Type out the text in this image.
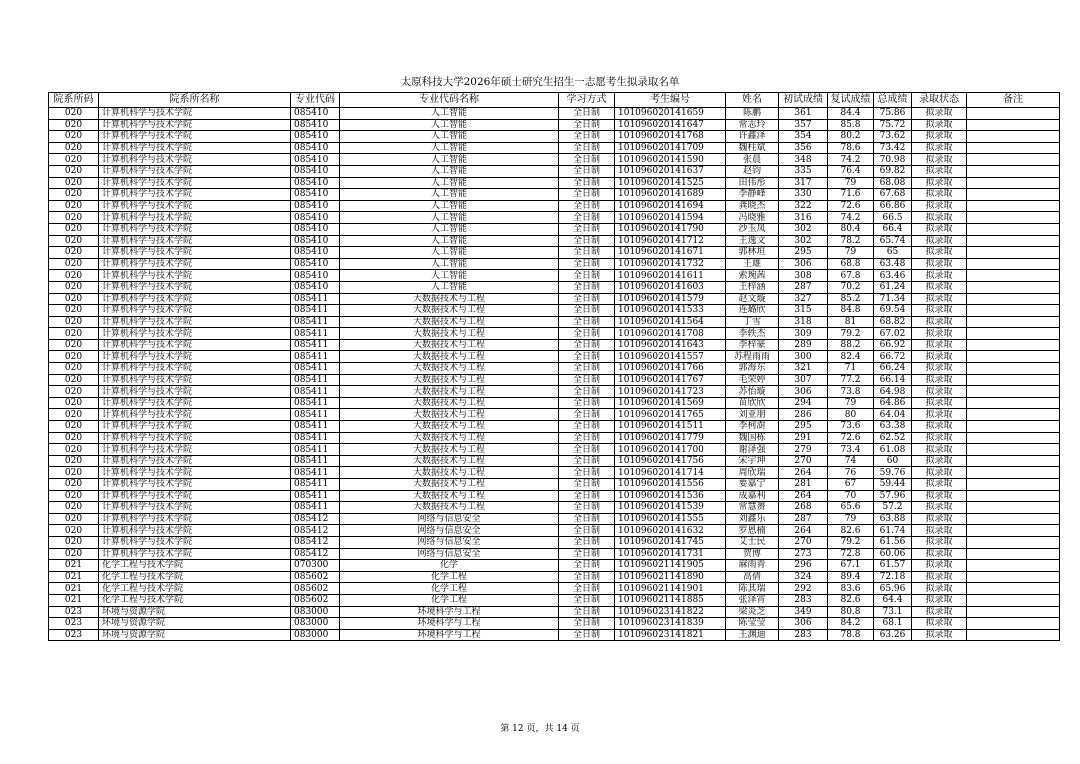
太原科技大学2026年硕士研究生招生一志愿考生拟录取名单
院系所码	院系所名称	专业代码	专业代码名称	学习方式	考生编号	姓名	初试成绩	复试成绩	总成绩	录取状态	备注
020	计算机科学与技术学院	085410	人工智能	全日制	101096020141659	陈鹏	361	84.4	75.86	拟录取	
020	计算机科学与技术学院	085410	人工智能	全日制	101096020141647	常志玲	357	85.8	75.72	拟录取	
020	计算机科学与技术学院	085410	人工智能	全日制	101096020141768	许鑫泽	354	80.2	73.62	拟录取	
020	计算机科学与技术学院	085410	人工智能	全日制	101096020141709	魏柱斌	356	78.6	73.42	拟录取	
020	计算机科学与技术学院	085410	人工智能	全日制	101096020141590	张晨	348	74.2	70.98	拟录取	
020	计算机科学与技术学院	085410	人工智能	全日制	101096020141637	赵钧	335	76.4	69.82	拟录取	
020	计算机科学与技术学院	085410	人工智能	全日制	101096020141525	田伟彤	317	79	68.08	拟录取	
020	计算机科学与技术学院	085410	人工智能	全日制	101096020141689	李静峰	330	71.6	67.68	拟录取	
020	计算机科学与技术学院	085410	人工智能	全日制	101096020141694	龚晓杰	322	72.6	66.86	拟录取	
020	计算机科学与技术学院	085410	人工智能	全日制	101096020141594	冯晓雅	316	74.2	66.5	拟录取	
020	计算机科学与技术学院	085410	人工智能	全日制	101096020141790	沙玉凤	302	80.4	66.4	拟录取	
020	计算机科学与技术学院	085410	人工智能	全日制	101096020141712	王逸文	302	78.2	65.74	拟录取	
020	计算机科学与技术学院	085410	人工智能	全日制	101096020141671	郭林垣	295	79	65	拟录取	
020	计算机科学与技术学院	085410	人工智能	全日制	101096020141732	王雄	306	68.8	63.48	拟录取	
020	计算机科学与技术学院	085410	人工智能	全日制	101096020141611	索琬茜	308	67.8	63.46	拟录取	
020	计算机科学与技术学院	085410	人工智能	全日制	101096020141603	王梓涵	287	70.2	61.24	拟录取	
020	计算机科学与技术学院	085411	大数据技术与工程	全日制	101096020141579	赵文璇	327	85.2	71.34	拟录取	
020	计算机科学与技术学院	085411	大数据技术与工程	全日制	101096020141533	连璐欣	315	84.8	69.54	拟录取	
020	计算机科学与技术学院	085411	大数据技术与工程	全日制	101096020141564	丁雪	318	81	68.82	拟录取	
020	计算机科学与技术学院	085411	大数据技术与工程	全日制	101096020141708	李轶杰	309	79.2	67.02	拟录取	
020	计算机科学与技术学院	085411	大数据技术与工程	全日制	101096020141643	李梓豪	289	88.2	66.92	拟录取	
020	计算机科学与技术学院	085411	大数据技术与工程	全日制	101096020141557	苏程雨雨	300	82.4	66.72	拟录取	
020	计算机科学与技术学院	085411	大数据技术与工程	全日制	101096020141766	郭海东	321	71	66.24	拟录取	
020	计算机科学与技术学院	085411	大数据技术与工程	全日制	101096020141767	毛荣婷	307	77.2	66.14	拟录取	
020	计算机科学与技术学院	085411	大数据技术与工程	全日制	101096020141723	苏怡璇	306	73.8	64.98	拟录取	
020	计算机科学与技术学院	085411	大数据技术与工程	全日制	101096020141569	苗欣欣	294	79	64.86	拟录取	
020	计算机科学与技术学院	085411	大数据技术与工程	全日制	101096020141765	刘亚朋	286	80	64.04	拟录取	
020	计算机科学与技术学院	085411	大数据技术与工程	全日制	101096020141511	李柯澍	295	73.6	63.38	拟录取	
020	计算机科学与技术学院	085411	大数据技术与工程	全日制	101096020141779	魏国栋	291	72.6	62.52	拟录取	
020	计算机科学与技术学院	085411	大数据技术与工程	全日制	101096020141700	谢泽强	279	73.4	61.08	拟录取	
020	计算机科学与技术学院	085411	大数据技术与工程	全日制	101096020141756	宋宇坤	270	74	60	拟录取	
020	计算机科学与技术学院	085411	大数据技术与工程	全日制	101096020141714	周欣瑞	264	76	59.76	拟录取	
020	计算机科学与技术学院	085411	大数据技术与工程	全日制	101096020141556	要嘉宁	281	67	59.44	拟录取	
020	计算机科学与技术学院	085411	大数据技术与工程	全日制	101096020141536	成嘉利	264	70	57.96	拟录取	
020	计算机科学与技术学院	085411	大数据技术与工程	全日制	101096020141539	常慧赟	268	65.6	57.2	拟录取	
020	计算机科学与技术学院	085412	网络与信息安全	全日制	101096020141555	刘鑫乐	287	79	63.88	拟录取	
020	计算机科学与技术学院	085412	网络与信息安全	全日制	101096020141632	罗恩楠	264	82.6	61.74	拟录取	
020	计算机科学与技术学院	085412	网络与信息安全	全日制	101096020141745	艾士民	270	79.2	61.56	拟录取	
020	计算机科学与技术学院	085412	网络与信息安全	全日制	101096020141731	贺博	273	72.8	60.06	拟录取	
021	化学工程与技术学院	070300	化学	全日制	101096021141905	麻雨青	296	67.1	61.57	拟录取	
021	化学工程与技术学院	085602	化学工程	全日制	101096021141890	高倩	324	89.4	72.18	拟录取	
021	化学工程与技术学院	085602	化学工程	全日制	101096021141901	陈其瑞	292	83.6	65.96	拟录取	
021	化学工程与技术学院	085602	化学工程	全日制	101096021141885	张泽宵	283	82.6	64.4	拟录取	
023	环境与资源学院	083000	环境科学与工程	全日制	101096023141822	梁炎芝	349	80.8	73.1	拟录取	
023	环境与资源学院	083000	环境科学与工程	全日制	101096023141839	陈莹莹	306	84.2	68.1	拟录取	
023	环境与资源学院	083000	环境科学与工程	全日制	101096023141821	王渊迪	283	78.8	63.26	拟录取	
第 12 页，共 14 页
